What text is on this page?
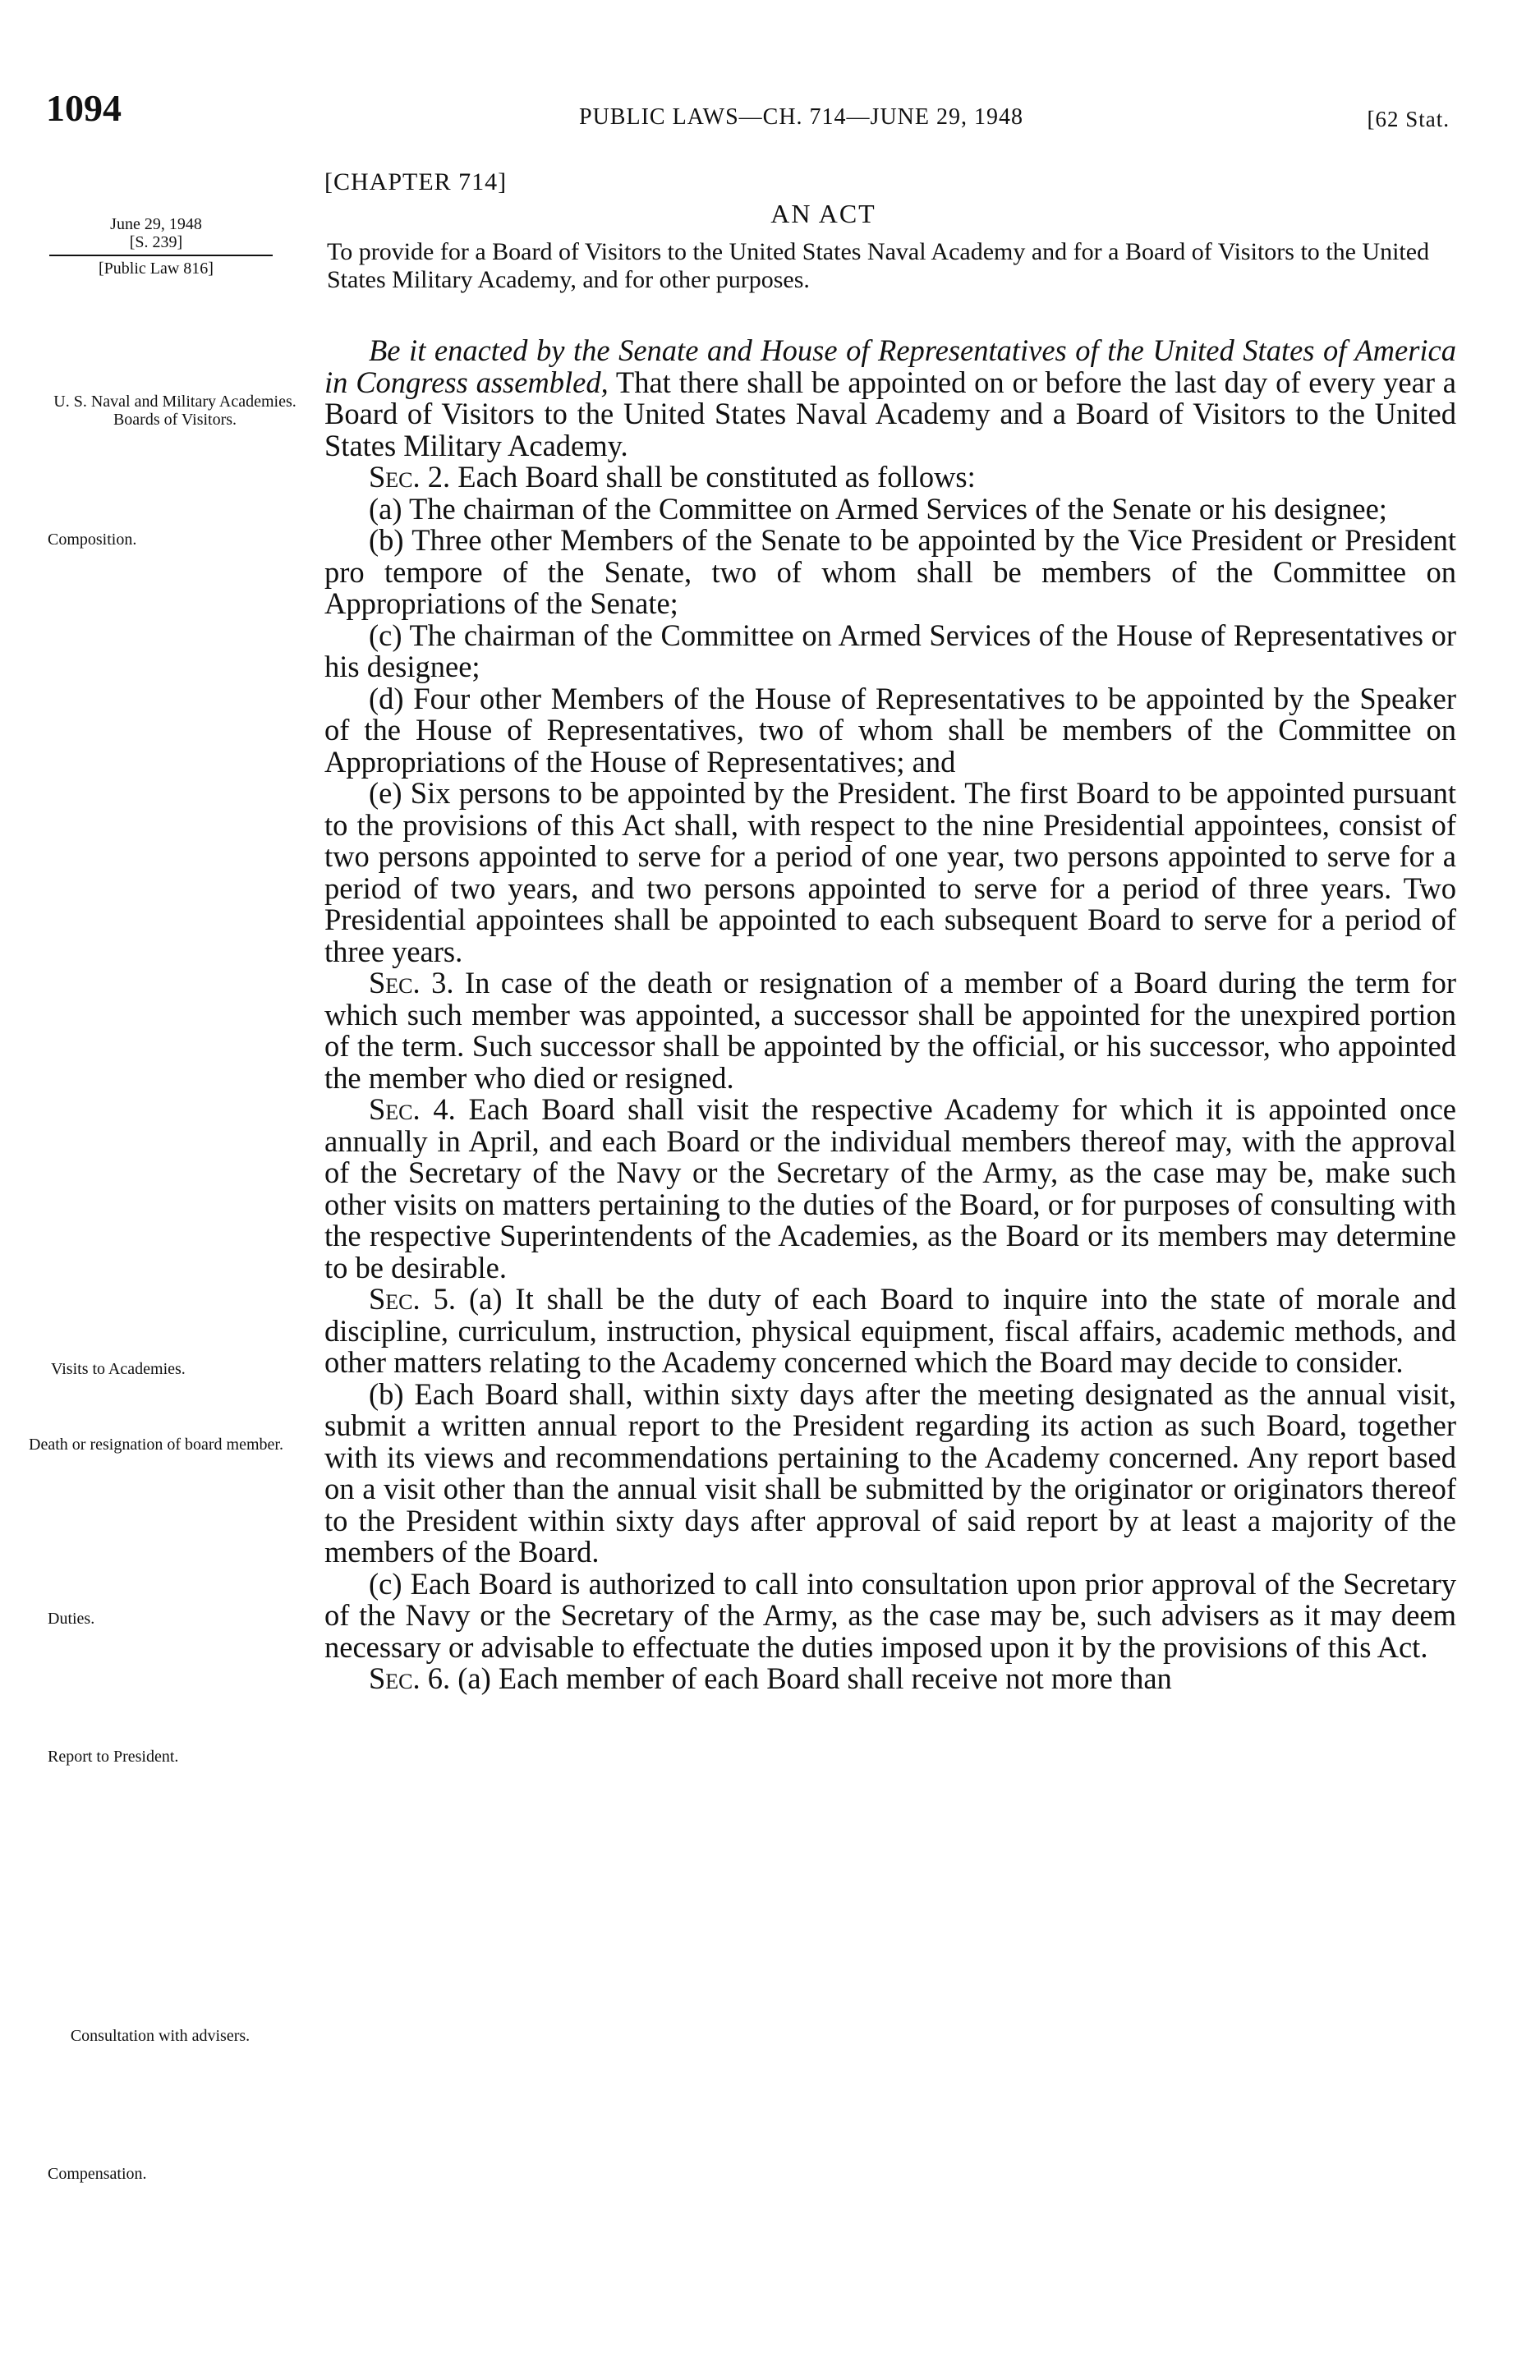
1094	PUBLIC LAWS—CH. 714—JUNE 29, 1948	[62 Stat.
[CHAPTER 714]
AN ACT
To provide for a Board of Visitors to the United States Naval Academy and for a Board of Visitors to the United States Military Academy, and for other purposes.
June 29, 1948
[S. 239]
[Public Law 816]
U. S. Naval and Military Academies. Boards of Visitors.
Composition.
Death or resignation of board member.
Visits to Academies.
Duties.
Report to President.
Consultation with advisers.
Compensation.

Be it enacted by the Senate and House of Representatives of the United States of America in Congress assembled, That there shall be appointed on or before the last day of every year a Board of Visitors to the United States Naval Academy and a Board of Visitors to the United States Military Academy.

Sec. 2. Each Board shall be constituted as follows:

(a) The chairman of the Committee on Armed Services of the Senate or his designee;

(b) Three other Members of the Senate to be appointed by the Vice President or President pro tempore of the Senate, two of whom shall be members of the Committee on Appropriations of the Senate;

(c) The chairman of the Committee on Armed Services of the House of Representatives or his designee;

(d) Four other Members of the House of Representatives to be appointed by the Speaker of the House of Representatives, two of whom shall be members of the Committee on Appropriations of the House of Representatives; and

(e) Six persons to be appointed by the President. The first Board to be appointed pursuant to the provisions of this Act shall, with respect to the nine Presidential appointees, consist of two persons appointed to serve for a period of one year, two persons appointed to serve for a period of two years, and two persons appointed to serve for a period of three years. Two Presidential appointees shall be appointed to each subsequent Board to serve for a period of three years.

Sec. 3. In case of the death or resignation of a member of a Board during the term for which such member was appointed, a successor shall be appointed for the unexpired portion of the term. Such successor shall be appointed by the official, or his successor, who appointed the member who died or resigned.

Sec. 4. Each Board shall visit the respective Academy for which it is appointed once annually in April, and each Board or the individual members thereof may, with the approval of the Secretary of the Navy or the Secretary of the Army, as the case may be, make such other visits on matters pertaining to the duties of the Board, or for purposes of consulting with the respective Superintendents of the Academies, as the Board or its members may determine to be desirable.

Sec. 5. (a) It shall be the duty of each Board to inquire into the state of morale and discipline, curriculum, instruction, physical equipment, fiscal affairs, academic methods, and other matters relating to the Academy concerned which the Board may decide to consider.

(b) Each Board shall, within sixty days after the meeting designated as the annual visit, submit a written annual report to the President regarding its action as such Board, together with its views and recommendations pertaining to the Academy concerned. Any report based on a visit other than the annual visit shall be submitted by the originator or originators thereof to the President within sixty days after approval of said report by at least a majority of the members of the Board.

(c) Each Board is authorized to call into consultation upon prior approval of the Secretary of the Navy or the Secretary of the Army, as the case may be, such advisers as it may deem necessary or advisable to effectuate the duties imposed upon it by the provisions of this Act.

Sec. 6. (a) Each member of each Board shall receive not more than
